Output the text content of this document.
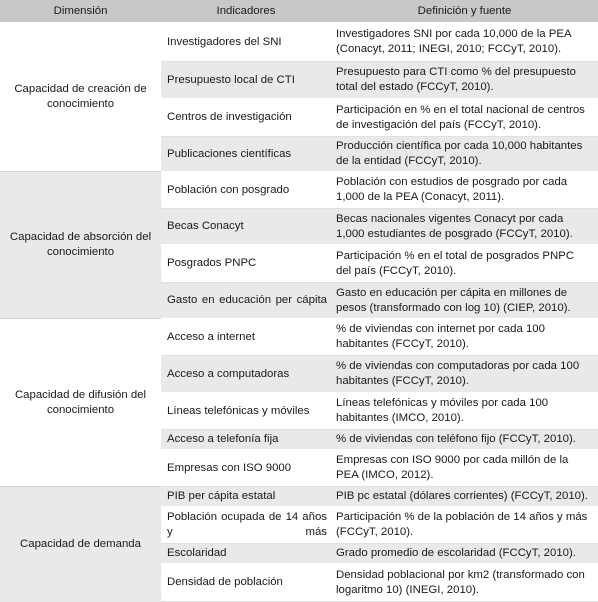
Dimensión	Indicadores	Definición y fuente
Capacidad de creación de conocimiento	Investigadores del SNI	Investigadores SNI por cada 10,000 de la PEA (Conacyt, 2011; INEGI, 2010; FCCyT, 2010).
	Presupuesto local de CTI	Presupuesto para CTI como % del presupuesto total del estado (FCCyT, 2010).
	Centros de investigación	Participación en % en el total nacional de centros de investigación del país (FCCyT, 2010).
	Publicaciones científicas	Producción científica por cada 10,000 habitantes de la entidad (FCCyT, 2010).
Capacidad de absorción del conocimiento	Población con posgrado	Población con estudios de posgrado por cada 1,000 de la PEA (Conacyt, 2011).
	Becas Conacyt	Becas nacionales vigentes Conacyt por cada 1,000 estudiantes de posgrado (FCCyT, 2010).
	Posgrados PNPC	Participación % en el total de posgrados PNPC del país (FCCyT, 2010).
	Gasto en educación per cápita	Gasto en educación per cápita en millones de pesos (transformado con log 10) (CIEP, 2010).
Capacidad de difusión del conocimiento	Acceso a internet	% de viviendas con internet por cada 100 habitantes (FCCyT, 2010).
	Acceso a computadoras	% de viviendas con computadoras por cada 100 habitantes (FCCyT, 2010).
	Líneas telefónicas y móviles	Líneas telefónicas y móviles por cada 100 habitantes (IMCO, 2010).
	Acceso a telefonía fija	% de viviendas con teléfono fijo (FCCyT, 2010).
	Empresas con ISO 9000	Empresas con ISO 9000 por cada millón de la PEA (IMCO, 2012).
Capacidad de demanda	PIB per cápita estatal	PIB pc estatal (dólares corrientes) (FCCyT, 2010).
	Población ocupada de 14 años y más	Participación % de la población de 14 años y más (FCCyT, 2010).
	Escolaridad	Grado promedio de escolaridad (FCCyT, 2010).
	Densidad de población	Densidad poblacional por km2 (transformado con logaritmo 10) (INEGI, 2010).
